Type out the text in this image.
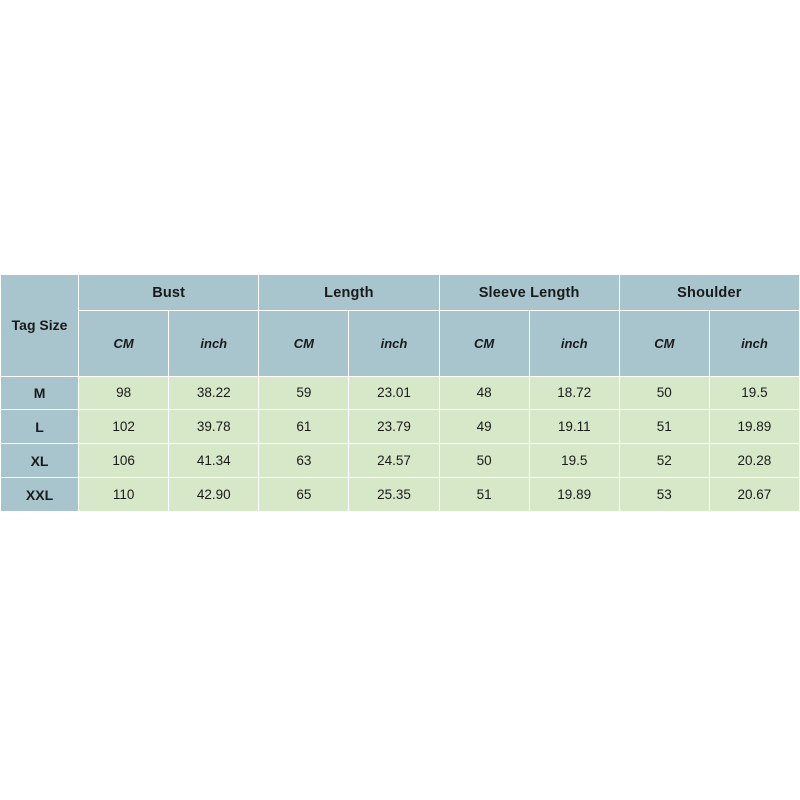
Tag Size	Bust		Length		Sleeve Length		Shoulder	
	CM	inch	CM	inch	CM	inch	CM	inch
M	98	38.22	59	23.01	48	18.72	50	19.5
L	102	39.78	61	23.79	49	19.11	51	19.89
XL	106	41.34	63	24.57	50	19.5	52	20.28
XXL	110	42.90	65	25.35	51	19.89	53	20.67
